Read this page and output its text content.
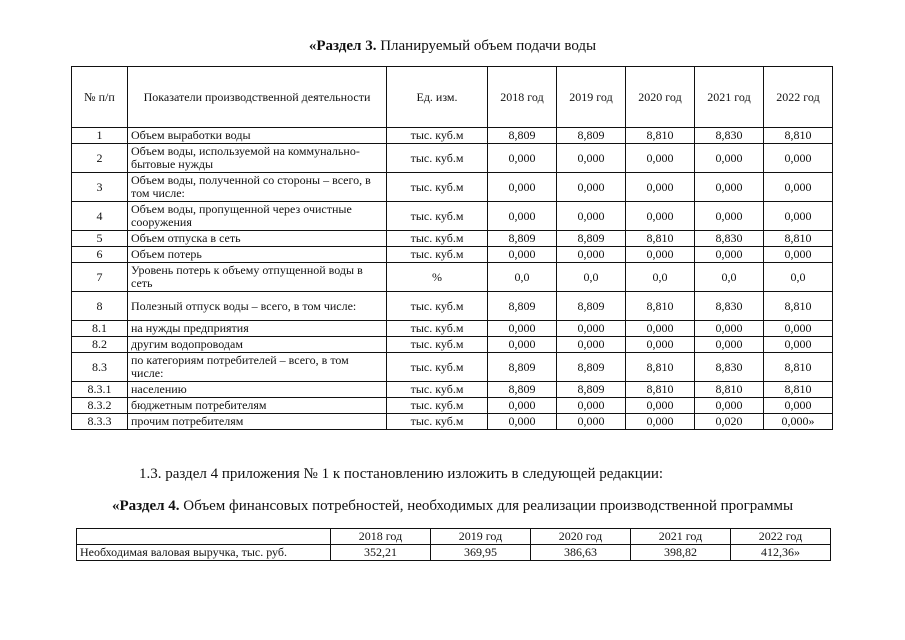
«Раздел 3. Планируемый объем подачи воды
№ п/п	Показатели производственной деятельности	Ед. изм.	2018 год	2019 год	2020 год	2021 год	2022 год
1	Объем выработки воды	тыс. куб.м	8,809	8,809	8,810	8,830	8,810
2	Объем воды, используемой на коммунально-бытовые нужды	тыс. куб.м	0,000	0,000	0,000	0,000	0,000
3	Объем воды, полученной со стороны – всего, в том числе:	тыс. куб.м	0,000	0,000	0,000	0,000	0,000
4	Объем воды, пропущенной через очистные сооружения	тыс. куб.м	0,000	0,000	0,000	0,000	0,000
5	Объем отпуска в сеть	тыс. куб.м	8,809	8,809	8,810	8,830	8,810
6	Объем потерь	тыс. куб.м	0,000	0,000	0,000	0,000	0,000
7	Уровень потерь к объему отпущенной воды в сеть	%	0,0	0,0	0,0	0,0	0,0
8	Полезный отпуск воды – всего, в том числе:	тыс. куб.м	8,809	8,809	8,810	8,830	8,810
8.1	на нужды предприятия	тыс. куб.м	0,000	0,000	0,000	0,000	0,000
8.2	другим водопроводам	тыс. куб.м	0,000	0,000	0,000	0,000	0,000
8.3	по категориям потребителей – всего, в том числе:	тыс. куб.м	8,809	8,809	8,810	8,830	8,810
8.3.1	населению	тыс. куб.м	8,809	8,809	8,810	8,810	8,810
8.3.2	бюджетным потребителям	тыс. куб.м	0,000	0,000	0,000	0,000	0,000
8.3.3	прочим потребителям	тыс. куб.м	0,000	0,000	0,000	0,020	0,000»
1.3. раздел 4 приложения № 1 к постановлению изложить в следующей редакции:
«Раздел 4. Объем финансовых потребностей, необходимых для реализации производственной программы
	2018 год	2019 год	2020 год	2021 год	2022 год
Необходимая валовая выручка, тыс. руб.	352,21	369,95	386,63	398,82	412,36»
